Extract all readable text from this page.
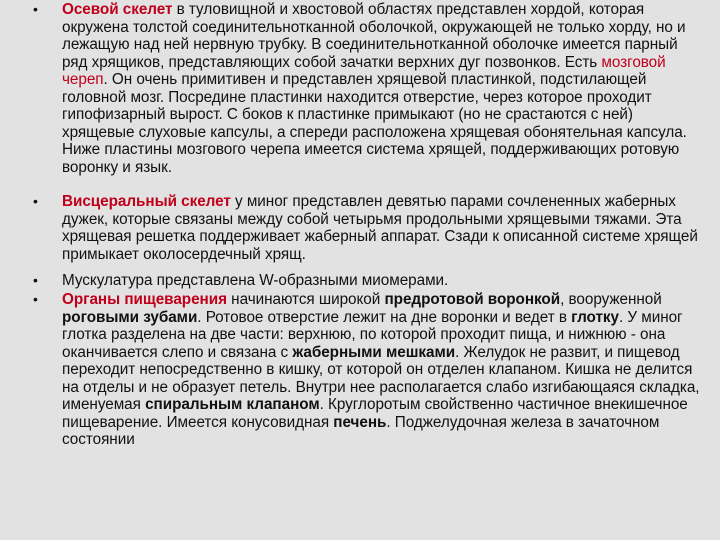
• Осевой скелет в туловищной и хвостовой областях представлен хордой, которая окружена толстой соединительнотканной оболочкой, окружающей не только хорду, но и лежащую над ней нервную трубку. В соединительнотканной оболочке имеется парный ряд хрящиков, представляющих собой зачатки верхних дуг позвонков. Есть мозговой череп. Он очень примитивен и представлен хрящевой пластинкой, подстилающей головной мозг. Посредине пластинки находится отверстие, через которое проходит гипофизарный вырост. С боков к пластинке примыкают (но не срастаются с ней) хрящевые слуховые капсулы, а спереди расположена хрящевая обонятельная капсула. Ниже пластины мозгового черепа имеется система хрящей, поддерживающих ротовую воронку и язык.
• Висцеральный скелет у миног представлен девятью парами сочлененных жаберных дужек, которые связаны между собой четырьмя продольными хрящевыми тяжами. Эта хрящевая решетка поддерживает жаберный аппарат. Сзади к описанной системе хрящей примыкает околосердечный хрящ.
• Мускулатура представлена W-образными миомерами.
• Органы пищеварения начинаются широкой предротовой воронкой, вооруженной роговыми зубами. Ротовое отверстие лежит на дне воронки и ведет в глотку. У миног глотка разделена на две части: верхнюю, по которой проходит пища, и нижнюю - она оканчивается слепо и связана с жаберными мешками. Желудок не развит, и пищевод переходит непосредственно в кишку, от которой он отделен клапаном. Кишка не делится на отделы и не образует петель. Внутри нее располагается слабо изгибающаяся складка, именуемая спиральным клапаном. Круглоротым свойственно частичное внекишечное пищеварение. Имеется конусовидная печень. Поджелудочная железа в зачаточном состоянии
